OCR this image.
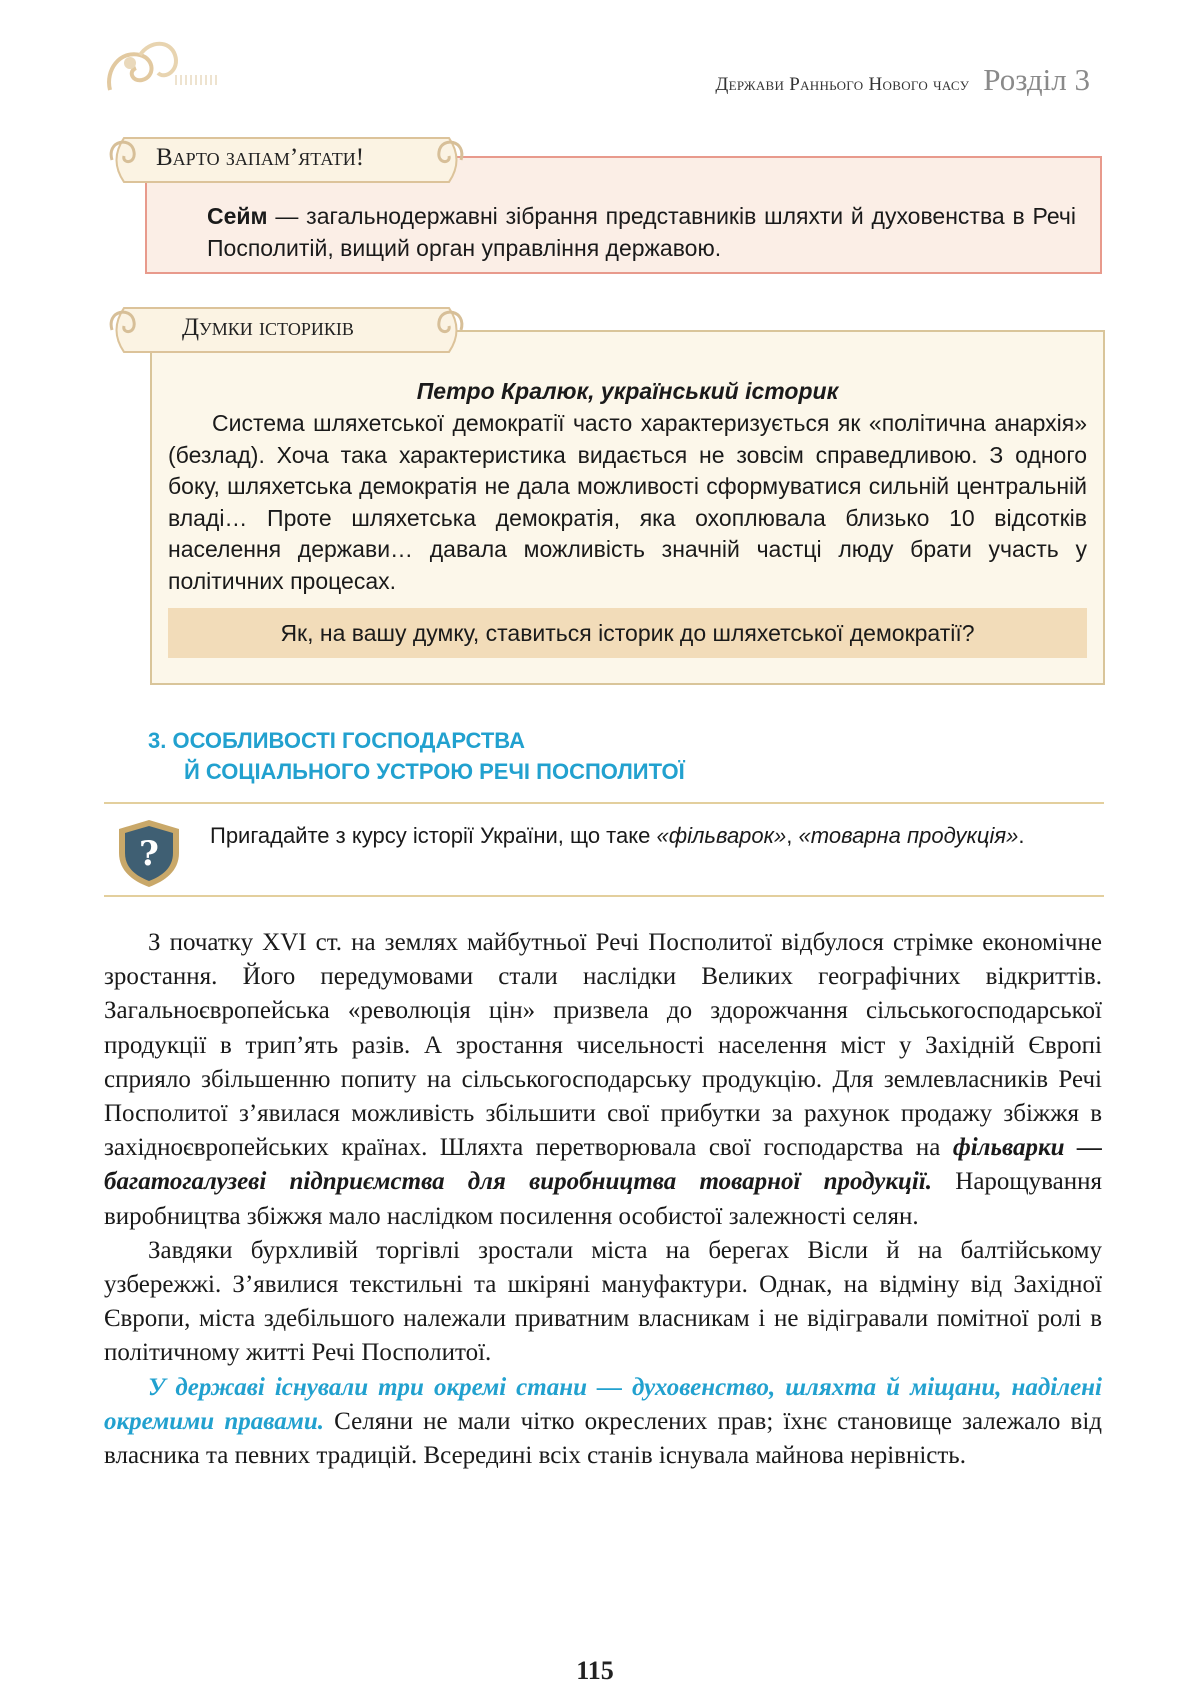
Держави Раннього Нового часу Розділ 3

Сейм — загальнодержавні зібрання представників шляхти й духовенства в Речі Посполитій, вищий орган управління державою.

Варто запам’ятати!
Петро Кралюк, український історик

Система шляхетської демократії часто характеризується як «політична анархія» (безлад). Хоча така характеристика видається не зовсім справедливою. З одного боку, шляхетська демократія не дала можливості сформуватися сильній центральній владі… Проте шляхетська демократія, яка охоплювала близько 10 відсотків населення держави… давала можливість значній частці люду брати участь у політичних процесах.

Як, на вашу думку, ставиться історик до шляхетської демократії?
Думки істориків
3. ОСОБЛИВОСТІ ГОСПОДАРСТВА
Й СОЦІАЛЬНОГО УСТРОЮ РЕЧІ ПОСПОЛИТОЇ
? Пригадайте з курсу історії України, що таке «фільварок», «товарна продукція».

З початку XVI ст. на землях майбутньої Речі Посполитої відбулося стрімке економічне зростання. Його передумовами стали наслідки Великих географічних відкриттів. Загальноєвропейська «революція цін» призвела до здорожчання сільськогосподарської продукції в трип’ять разів. А зростання чисельності населення міст у Західній Європі сприяло збільшенню попиту на сільськогосподарську продукцію. Для землевласників Речі Посполитої з’явилася можливість збільшити свої прибутки за рахунок продажу збіжжя в західноєвропейських країнах. Шляхта перетворювала свої господарства на фільварки — багатогалузеві підприємства для виробництва товарної продукції. Нарощування виробництва збіжжя мало наслідком посилення особистої залежності селян.

Завдяки бурхливій торгівлі зростали міста на берегах Вісли й на балтійському узбережжі. З’явилися текстильні та шкіряні мануфактури. Однак, на відміну від Західної Європи, міста здебільшого належали приватним власникам і не відігравали помітної ролі в політичному житті Речі Посполитої.

У державі існували три окремі стани — духовенство, шляхта й міщани, наділені окремими правами. Селяни не мали чітко окреслених прав; їхнє становище залежало від власника та певних традицій. Всередині всіх станів існувала майнова нерівність.

115
